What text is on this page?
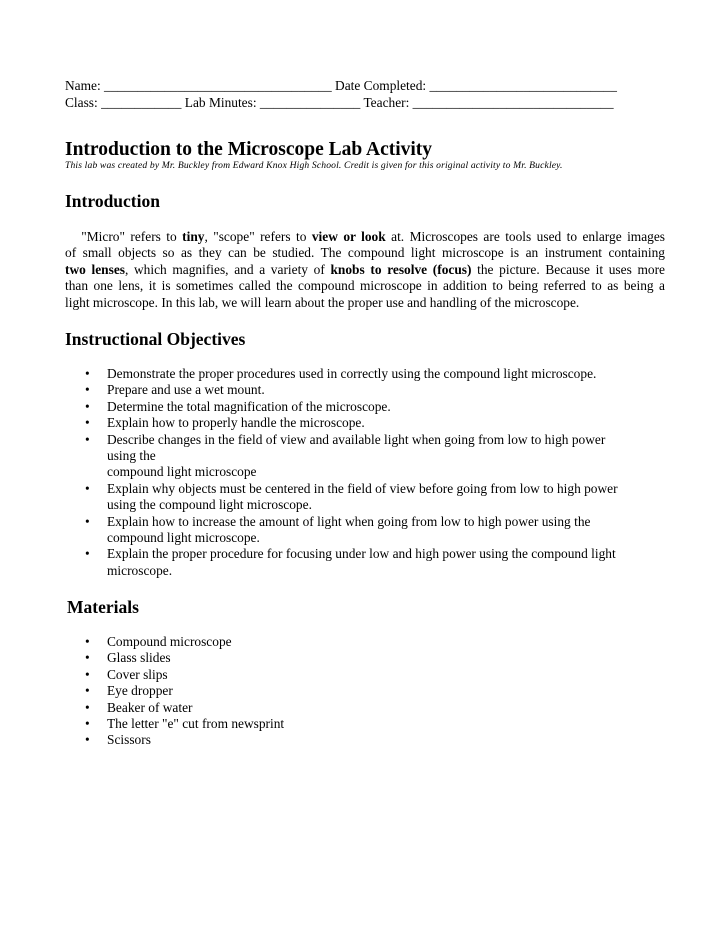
Name: __________________________________ Date Completed: ____________________________
Class: ____________ Lab Minutes: _______________ Teacher: ______________________________
Introduction to the Microscope Lab Activity
This lab was created by Mr. Buckley from Edward Knox High School. Credit is given for this original activity to Mr. Buckley.
Introduction
"Micro" refers to tiny, "scope" refers to view or look at. Microscopes are tools used to enlarge images
of small objects so as they can be studied. The compound light microscope is an instrument containing
two lenses, which magnifies, and a variety of knobs to resolve (focus) the picture. Because it uses more
than one lens, it is sometimes called the compound microscope in addition to being referred to as being a
light microscope. In this lab, we will learn about the proper use and handling of the microscope.
Instructional Objectives
• Demonstrate the proper procedures used in correctly using the compound light microscope.
• Prepare and use a wet mount.
• Determine the total magnification of the microscope.
• Explain how to properly handle the microscope.
• Describe changes in the field of view and available light when going from low to high power
using the
compound light microscope
• Explain why objects must be centered in the field of view before going from low to high power
using the compound light microscope.
• Explain how to increase the amount of light when going from low to high power using the
compound light microscope.
• Explain the proper procedure for focusing under low and high power using the compound light
microscope.
Materials
• Compound microscope
• Glass slides
• Cover slips
• Eye dropper
• Beaker of water
• The letter "e" cut from newsprint
• Scissors
